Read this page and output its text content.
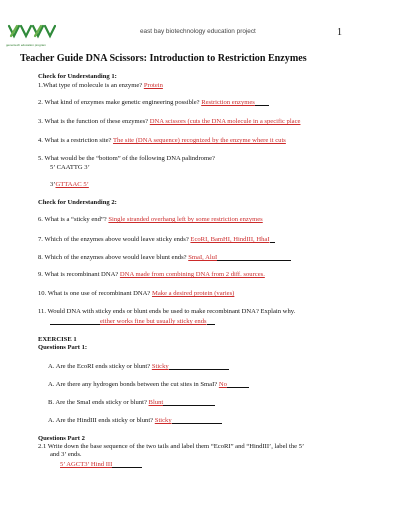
genentech education program
east bay biotechnology education project	1
Teacher Guide DNA Scissors: Introduction to Restriction Enzymes
Check for Understanding 1:
1.What type of molecule is an enzyme? Protein
2. What kind of enzymes make genetic engineering possible? Restriction enzymes
3. What is the function of these enzymes? DNA scissors (cuts the DNA molecule in a specific place
4. What is a restriction site? The site (DNA sequence) recognized by the enzyme where it cuts
5. What would be the “bottom” of the following DNA palindrome?
5’ CAATTG 3’
3’GTTAAC 5’
Check for Understanding 2:
6. What is a “sticky end”? Single stranded overhang left by some restriction enzymes
7. Which of the enzymes above would leave sticky ends? EcoRI, BamHI, HindIII, HhaI
8. Which of the enzymes above would leave blunt ends? SmaI, AluI
9. What is recombinant DNA? DNA made from combining DNA from 2 diff. sources.
10. What is one use of recombinant DNA? Make a desired protein (varies)
11. Would DNA with sticky ends or blunt ends be used to make recombinant DNA? Explain why.
either works fine but usually sticky ends
EXERCISE 1
Questions Part 1:
A. Are the EcoRI ends sticky or blunt? Sticky
A. Are there any hydrogen bonds between the cut sites in SmaI? No
B. Are the SmaI ends sticky or blunt? Blunt
A. Are the HindIII ends sticky or blunt? Sticky
Questions Part 2
2.1 Write down the base sequence of the two tails and label them “EcoRI” and “HindIII’, label the 5’
and 3’ ends.
5’ AGCT3’ Hind III
